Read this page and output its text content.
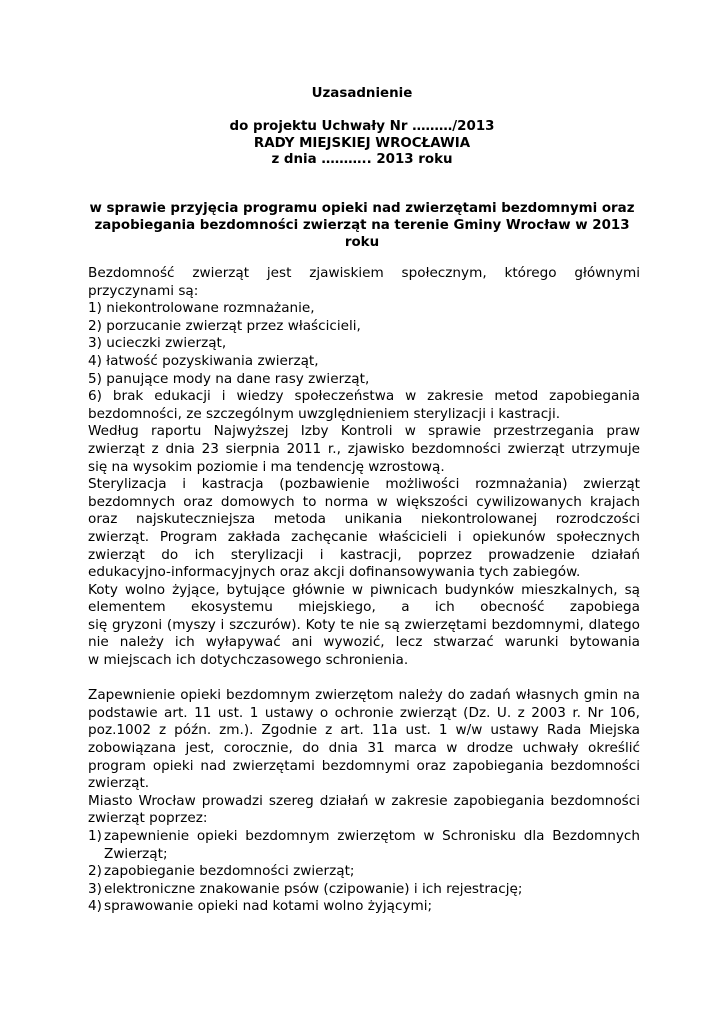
Uzasadnienie
do projektu Uchwały Nr ………/2013
RADY MIEJSKIEJ WROCŁAWIA
z dnia ……….. 2013 roku
w sprawie przyjęcia programu opieki nad zwierzętami bezdomnymi oraz
zapobiegania bezdomności zwierząt na terenie Gminy Wrocław w 2013
roku
Bezdomność zwierząt jest zjawiskiem społecznym, którego głównymi
przyczynami są:
1) niekontrolowane rozmnażanie,
2) porzucanie zwierząt przez właścicieli,
3) ucieczki zwierząt,
4) łatwość pozyskiwania zwierząt,
5) panujące mody na dane rasy zwierząt,
6) brak edukacji i wiedzy społeczeństwa w zakresie metod zapobiegania
bezdomności, ze szczególnym uwzględnieniem sterylizacji i kastracji.
Według raportu Najwyższej Izby Kontroli w sprawie przestrzegania praw
zwierząt z dnia 23 sierpnia 2011 r., zjawisko bezdomności zwierząt utrzymuje
się na wysokim poziomie i ma tendencję wzrostową.
Sterylizacja i kastracja (pozbawienie możliwości rozmnażania) zwierząt
bezdomnych oraz domowych to norma w większości cywilizowanych krajach
oraz najskuteczniejsza metoda unikania niekontrolowanej rozrodczości
zwierząt. Program zakłada zachęcanie właścicieli i opiekunów społecznych
zwierząt do ich sterylizacji i kastracji, poprzez prowadzenie działań
edukacyjno-informacyjnych oraz akcji dofinansowywania tych zabiegów.
Koty wolno żyjące, bytujące głównie w piwnicach budynków mieszkalnych, są
elementem ekosystemu miejskiego, a ich obecność zapobiega
się gryzoni (myszy i szczurów). Koty te nie są zwierzętami bezdomnymi, dlatego
nie należy ich wyłapywać ani wywozić, lecz stwarzać warunki bytowania
w miejscach ich dotychczasowego schronienia.
Zapewnienie opieki bezdomnym zwierzętom należy do zadań własnych gmin na
podstawie art. 11 ust. 1 ustawy o ochronie zwierząt (Dz. U. z 2003 r. Nr 106,
poz.1002 z późn. zm.). Zgodnie z art. 11a ust. 1 w/w ustawy Rada Miejska
zobowiązana jest, corocznie, do dnia 31 marca w drodze uchwały określić
program opieki nad zwierzętami bezdomnymi oraz zapobiegania bezdomności
zwierząt.
Miasto Wrocław prowadzi szereg działań w zakresie zapobiegania bezdomności
zwierząt poprzez:
1) zapewnienie opieki bezdomnym zwierzętom w Schronisku dla Bezdomnych
Zwierząt;
2) zapobieganie bezdomności zwierząt;
3) elektroniczne znakowanie psów (czipowanie) i ich rejestrację;
4) sprawowanie opieki nad kotami wolno żyjącymi;
